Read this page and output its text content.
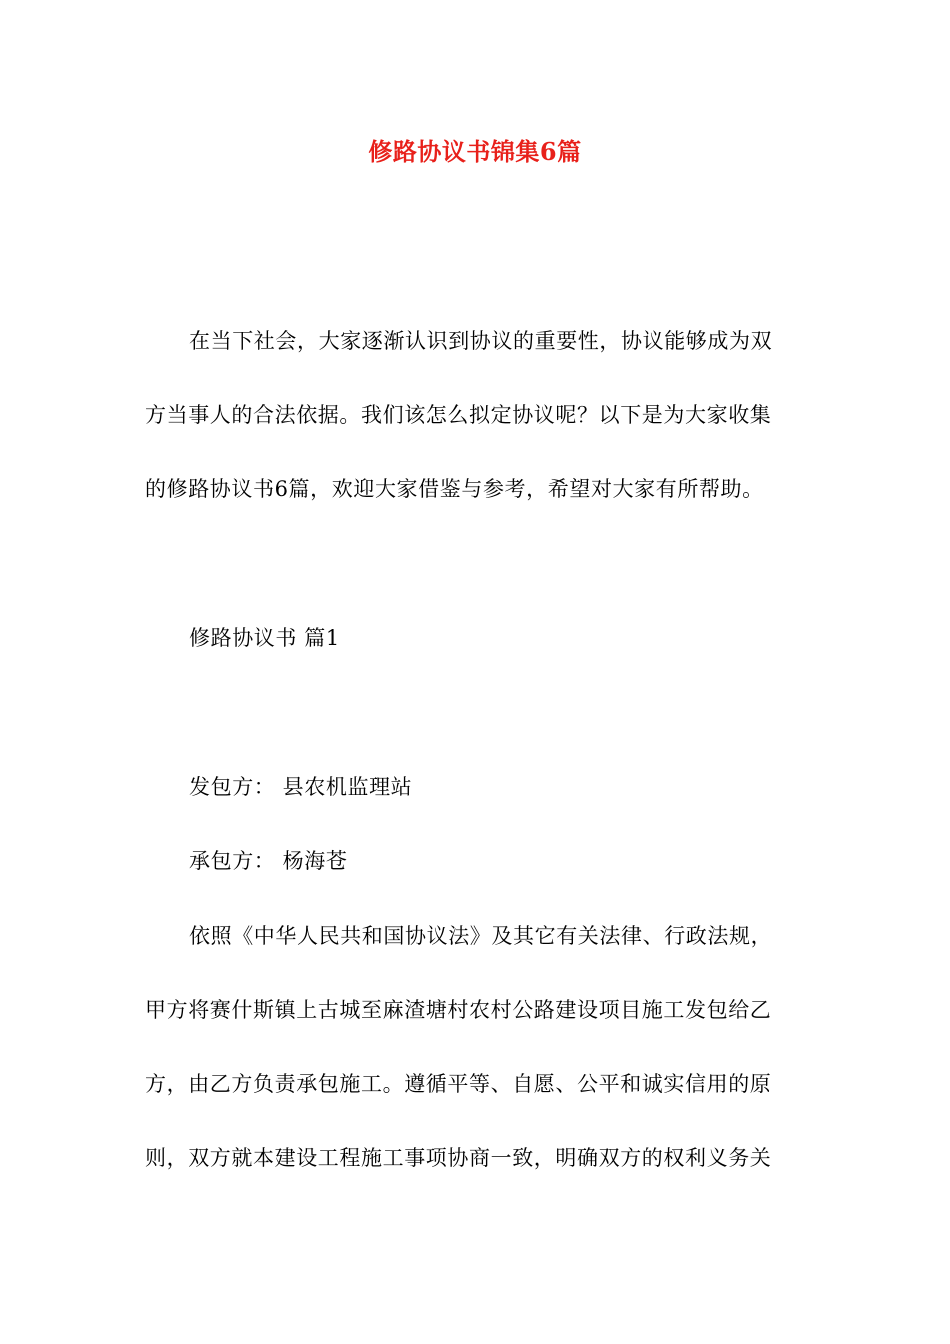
修路协议书锦集6篇
在当下社会，大家逐渐认识到协议的重要性，协议能够成为双
方当事人的合法依据。我们该怎么拟定协议呢？以下是为大家收集
的修路协议书6篇，欢迎大家借鉴与参考，希望对大家有所帮助。
修路协议书 篇1
发包方： 县农机监理站
承包方： 杨海苍
依照《中华人民共和国协议法》及其它有关法律、行政法规，
甲方将赛什斯镇上古城至麻渣塘村农村公路建设项目施工发包给乙
方，由乙方负责承包施工。遵循平等、自愿、公平和诚实信用的原
则，双方就本建设工程施工事项协商一致，明确双方的权利义务关
